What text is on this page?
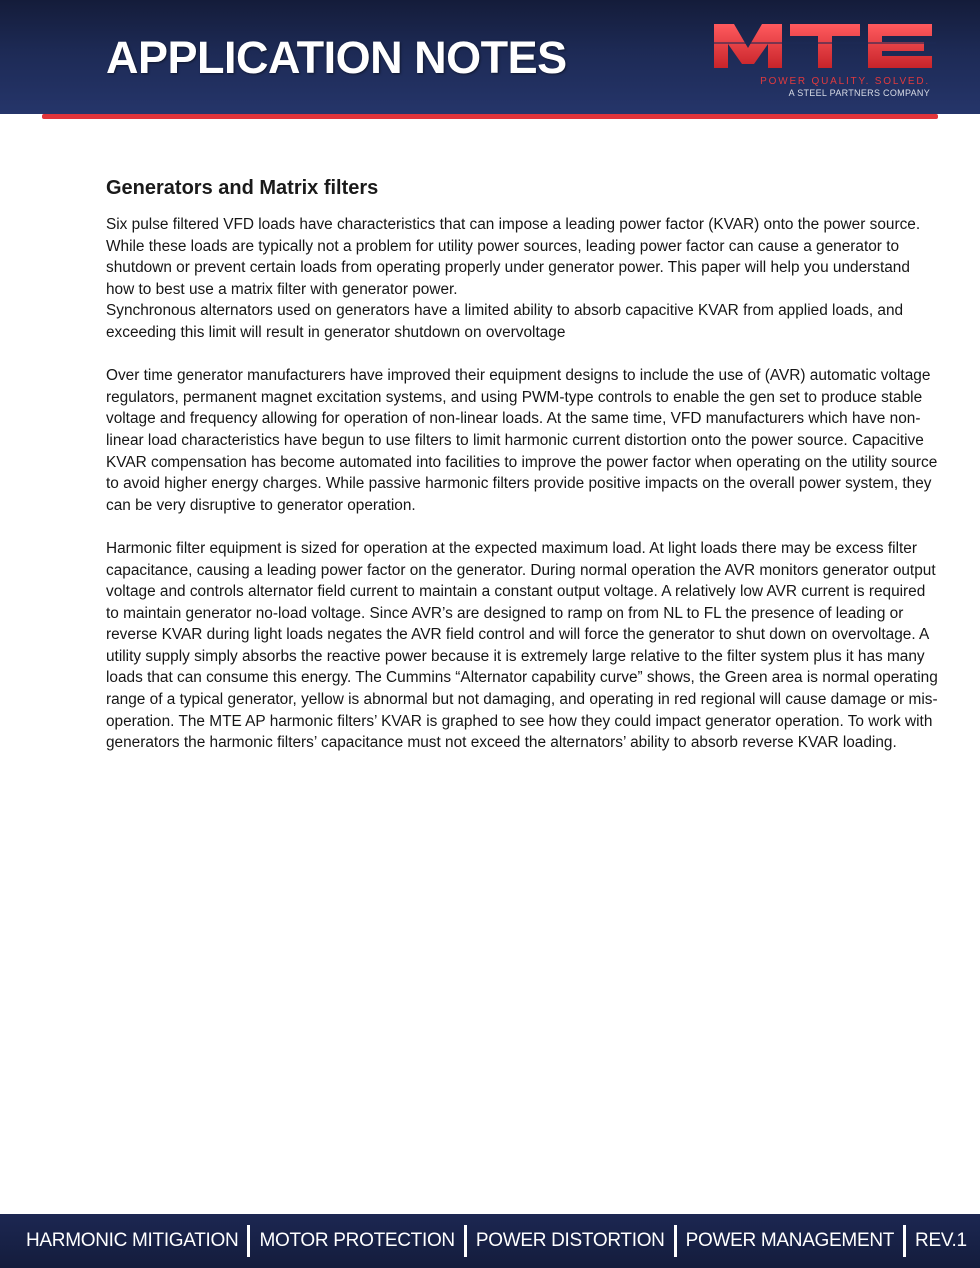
APPLICATION NOTES	POWER QUALITY. SOLVED.
A STEEL PARTNERS COMPANY
Generators and Matrix filters

Six pulse filtered VFD loads have characteristics that can impose a leading power factor (KVAR) onto the power source. While these loads are typically not a problem for utility power sources, leading power factor can cause a generator to shutdown or prevent certain loads from operating properly under generator power. This paper will help you understand how to best use a matrix filter with generator power.
Synchronous alternators used on generators have a limited ability to absorb capacitive KVAR from applied loads, and exceeding this limit will result in generator shutdown on overvoltage

Over time generator manufacturers have improved their equipment designs to include the use of (AVR) automatic voltage regulators, permanent magnet excitation systems, and using PWM-type controls to enable the gen set to produce stable voltage and frequency allowing for operation of non-linear loads. At the same time, VFD manufacturers which have non-linear load characteristics have begun to use filters to limit harmonic current distortion onto the power source. Capacitive KVAR compensation has become automated into facilities to improve the power factor when operating on the utility source to avoid higher energy charges. While passive harmonic filters provide positive impacts on the overall power system, they can be very disruptive to generator operation.

Harmonic filter equipment is sized for operation at the expected maximum load. At light loads there may be excess filter capacitance, causing a leading power factor on the generator. During normal operation the AVR monitors generator output voltage and controls alternator field current to maintain a constant output voltage. A relatively low AVR current is required to maintain generator no-load voltage. Since AVR’s are designed to ramp on from NL to FL the presence of leading or reverse KVAR during light loads negates the AVR field control and will force the generator to shut down on overvoltage. A utility supply simply absorbs the reactive power because it is extremely large relative to the filter system plus it has many loads that can consume this energy. The Cummins “Alternator capability curve” shows, the Green area is normal operating range of a typical generator, yellow is abnormal but not damaging, and operating in red regional will cause damage or mis-operation. The MTE AP harmonic filters’ KVAR is graphed to see how they could impact generator operation. To work with generators the harmonic filters’ capacitance must not exceed the alternators’ ability to absorb reverse KVAR loading.

HARMONIC MITIGATION MOTOR PROTECTION POWER DISTORTION POWER MANAGEMENT REV.1
